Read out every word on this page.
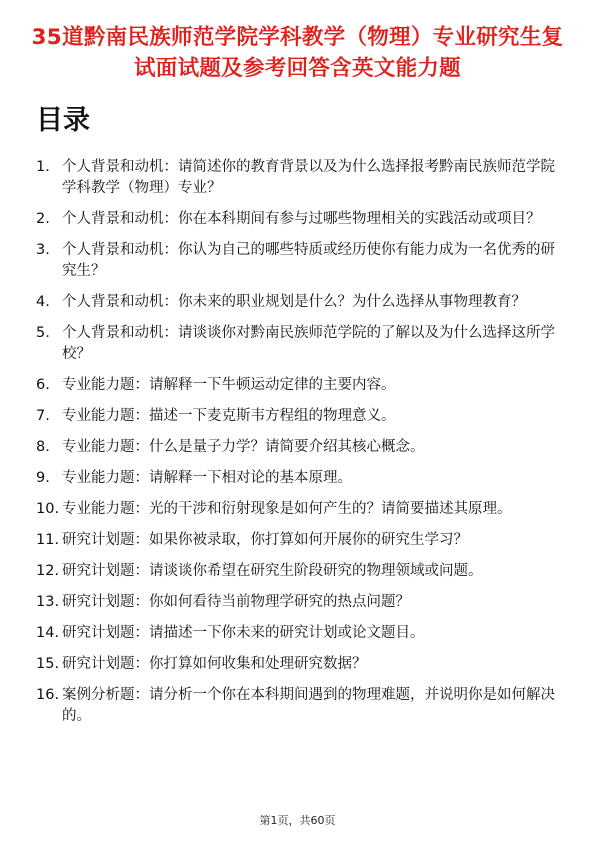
35道黔南民族师范学院学科教学（物理）专业研究生复试面试题及参考回答含英文能力题
目录
1. 个人背景和动机：请简述你的教育背景以及为什么选择报考黔南民族师范学院学科教学（物理）专业？
2. 个人背景和动机：你在本科期间有参与过哪些物理相关的实践活动或项目？
3. 个人背景和动机：你认为自己的哪些特质或经历使你有能力成为一名优秀的研究生？
4. 个人背景和动机：你未来的职业规划是什么？为什么选择从事物理教育？
5. 个人背景和动机：请谈谈你对黔南民族师范学院的了解以及为什么选择这所学校？
6. 专业能力题：请解释一下牛顿运动定律的主要内容。
7. 专业能力题：描述一下麦克斯韦方程组的物理意义。
8. 专业能力题：什么是量子力学？请简要介绍其核心概念。
9. 专业能力题：请解释一下相对论的基本原理。
10. 专业能力题：光的干涉和衍射现象是如何产生的？请简要描述其原理。
11. 研究计划题：如果你被录取，你打算如何开展你的研究生学习？
12. 研究计划题：请谈谈你希望在研究生阶段研究的物理领域或问题。
13. 研究计划题：你如何看待当前物理学研究的热点问题？
14. 研究计划题：请描述一下你未来的研究计划或论文题目。
15. 研究计划题：你打算如何收集和处理研究数据？
16. 案例分析题：请分析一个你在本科期间遇到的物理难题，并说明你是如何解决的。
第1页，共60页
